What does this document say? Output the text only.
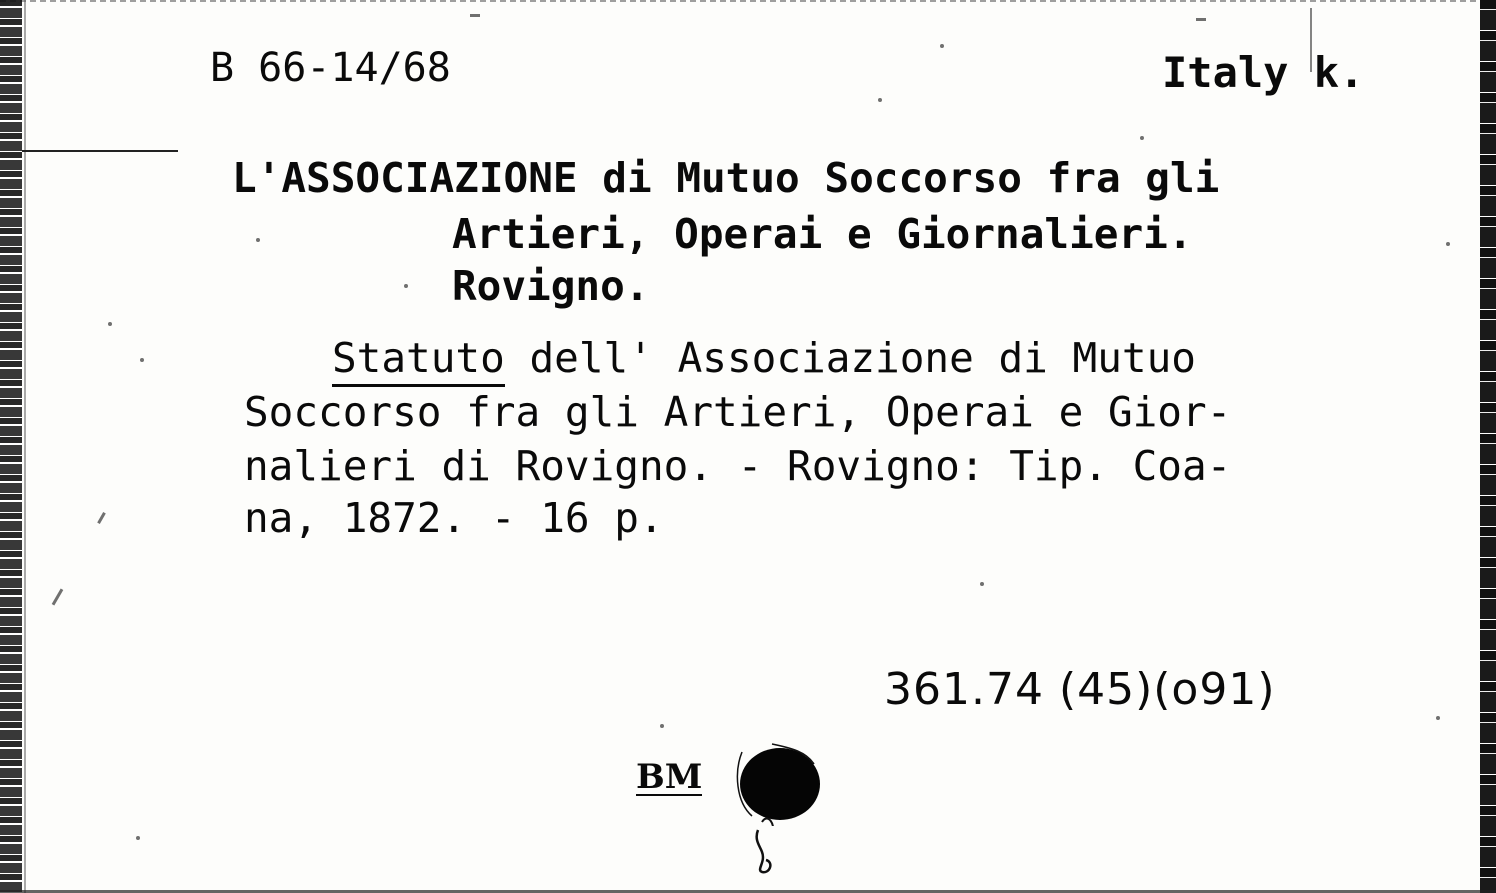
B 66-14/68	Italy k.
L'ASSOCIAZIONE di Mutuo Soccorso fra gli
Artieri, Operai e Giornalieri.
Rovigno.
Statuto dell' Associazione di Mutuo
Soccorso fra gli Artieri, Operai e Gior-
nalieri di Rovigno. - Rovigno: Tip. Coa-
na, 1872. - 16 p.
361.74 (45)(o91)
BM
